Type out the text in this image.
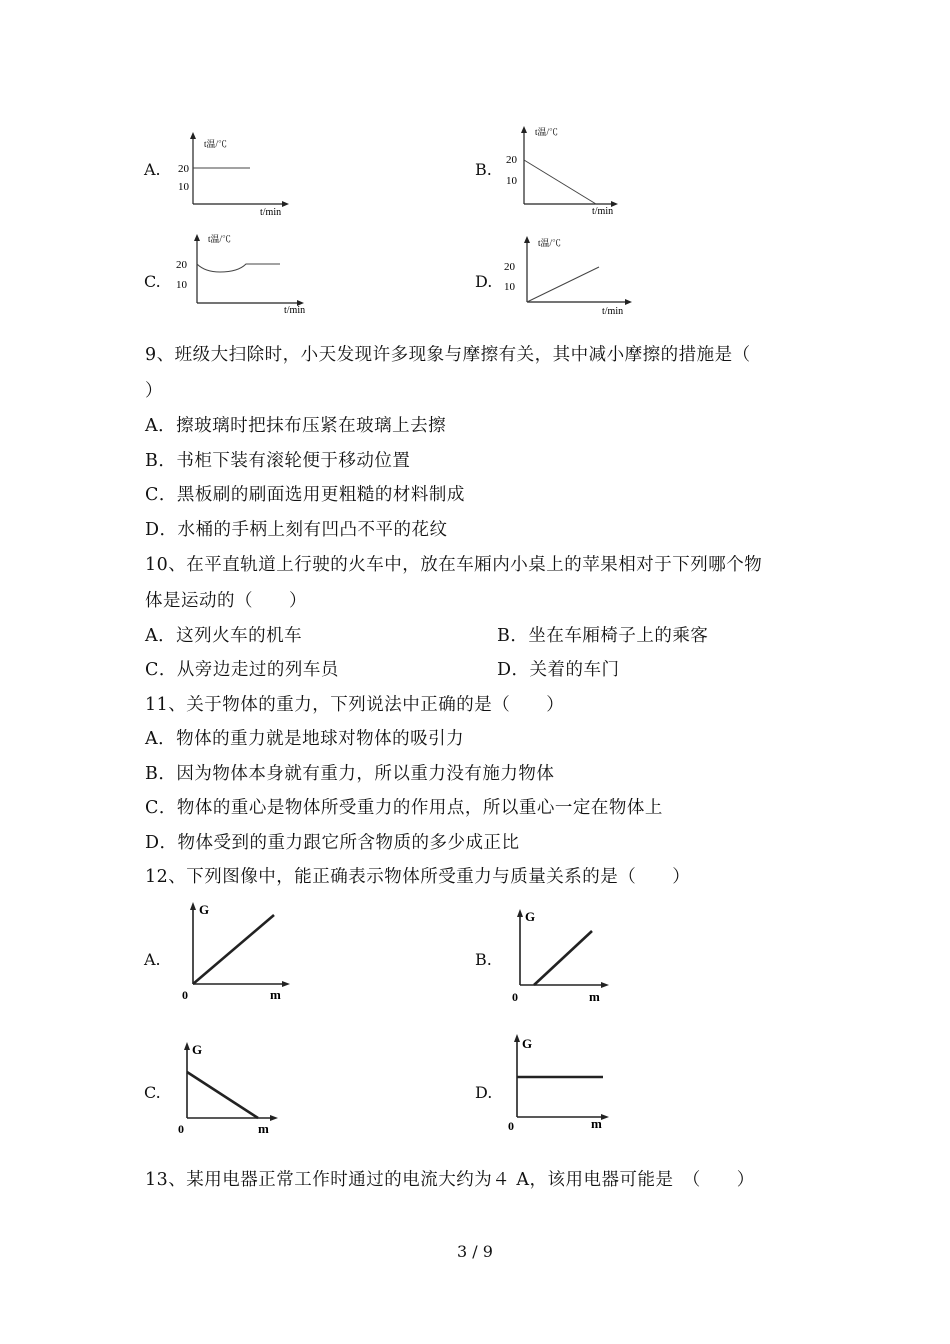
A.
t温/℃
20
10
t/min
B.
t温/℃
20
10
t/min
C.
t温/℃
20
10
t/min
D.
t温/℃
20
10
t/min
9、班级大扫除时，小天发现许多现象与摩擦有关，其中减小摩擦的措施是（
）
A．擦玻璃时把抹布压紧在玻璃上去擦
B．书柜下装有滚轮便于移动位置
C．黑板刷的刷面选用更粗糙的材料制成
D．水桶的手柄上刻有凹凸不平的花纹
10、在平直轨道上行驶的火车中，放在车厢内小桌上的苹果相对于下列哪个物
体是运动的（　　）
A．这列火车的机车	B．坐在车厢椅子上的乘客
C．从旁边走过的列车员	D．关着的车门
11、关于物体的重力，下列说法中正确的是（　　）
A．物体的重力就是地球对物体的吸引力
B．因为物体本身就有重力，所以重力没有施力物体
C．物体的重心是物体所受重力的作用点，所以重心一定在物体上
D．物体受到的重力跟它所含物质的多少成正比
12、下列图像中，能正确表示物体所受重力与质量关系的是（　　）
A.
G
0	m
B.
G
0	m
C.
G
0	m
D.
G
0	m
13、某用电器正常工作时通过的电流大约为４ A，该用电器可能是　（　　）
3 / 9
